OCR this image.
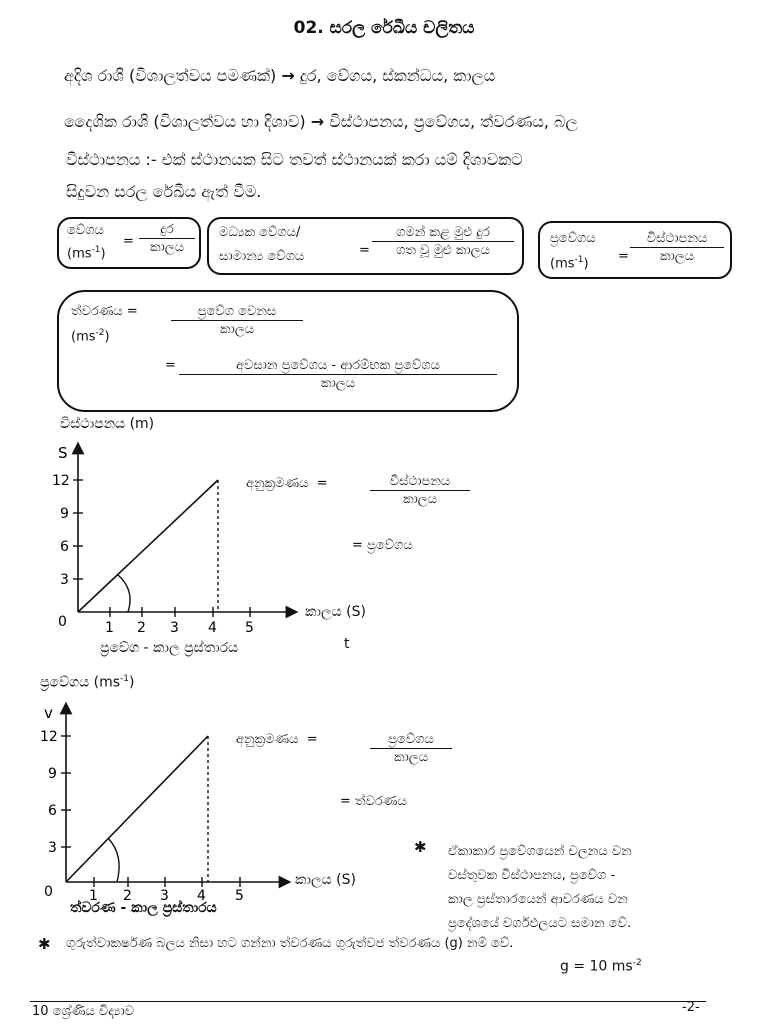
02. සරල රේඛීය චලිතය
අදිශ රාශි (විශාලත්වය පමණක්) → දුර, වේගය, ස්කන්ධය, කාලය
දෛශික රාශි (විශාලත්වය හා දිශාව) → විස්ථාපනය, ප්‍රවේගය, ත්වරණය, බල
විස්ථාපනය :- එක් ස්ථානයක සිට තවත් ස්ථානයක් කරා යම් දිශාවකට
සිදුවන සරල රේඛීය ඇත් වීම.
වේගය
$(ms^{-1})$
=
දුර
කාලය
මධ්‍යක වේගය/
සාමාන්‍ය වේගය	=
ගමන් කළ මුළු දුර
ගත වූ මුළු කාලය
ප්‍රවේගය
$(ms^{-1})$ =
විස්ථාපනය
කාලය
ත්වරණය =
$(ms^{-2})$
ප්‍රවේග වෙනස
කාලය
=	අවසාන ප්‍රවේගය - ආරම්භක ප්‍රවේගය
කාලය
විස්ථාපනය (m)
S
12
9
6
3
0	1 2 3 4 5
v
12
9
6
3
0	1 2 3 4 5
කාලය (S)
t
ප්‍රවේග - කාල ප්‍රස්තාරය
අනුක්‍රමණය =	විස්ථාපනය
කාලය
= ප්‍රවේගය
ප්‍රවේගය $(ms^{-1})$
කාලය (S)
ත්වරණ - කාල ප්‍රස්තාරය
අනුක්‍රමණය =	ප්‍රවේගය
කාලය
= ත්වරණය
✱ ඒකාකාර ප්‍රවේගයෙන් චලනය වන
වස්තුවක විස්ථාපනය, ප්‍රවේග -
කාල ප්‍රස්තාරයෙන් ආවරණය වන
ප්‍රදේශයේ වර්ගඵලයට සමාන වේ.
✱ ගුරුත්වාකර්ෂණ බලය නිසා හට ගන්නා ත්වරණය ගුරුත්වජ ත්වරණය (g) නම් වේ.
g = 10 $ms^{-2}$
10 ශ්‍රේණිය විද්‍යාව	-2-
